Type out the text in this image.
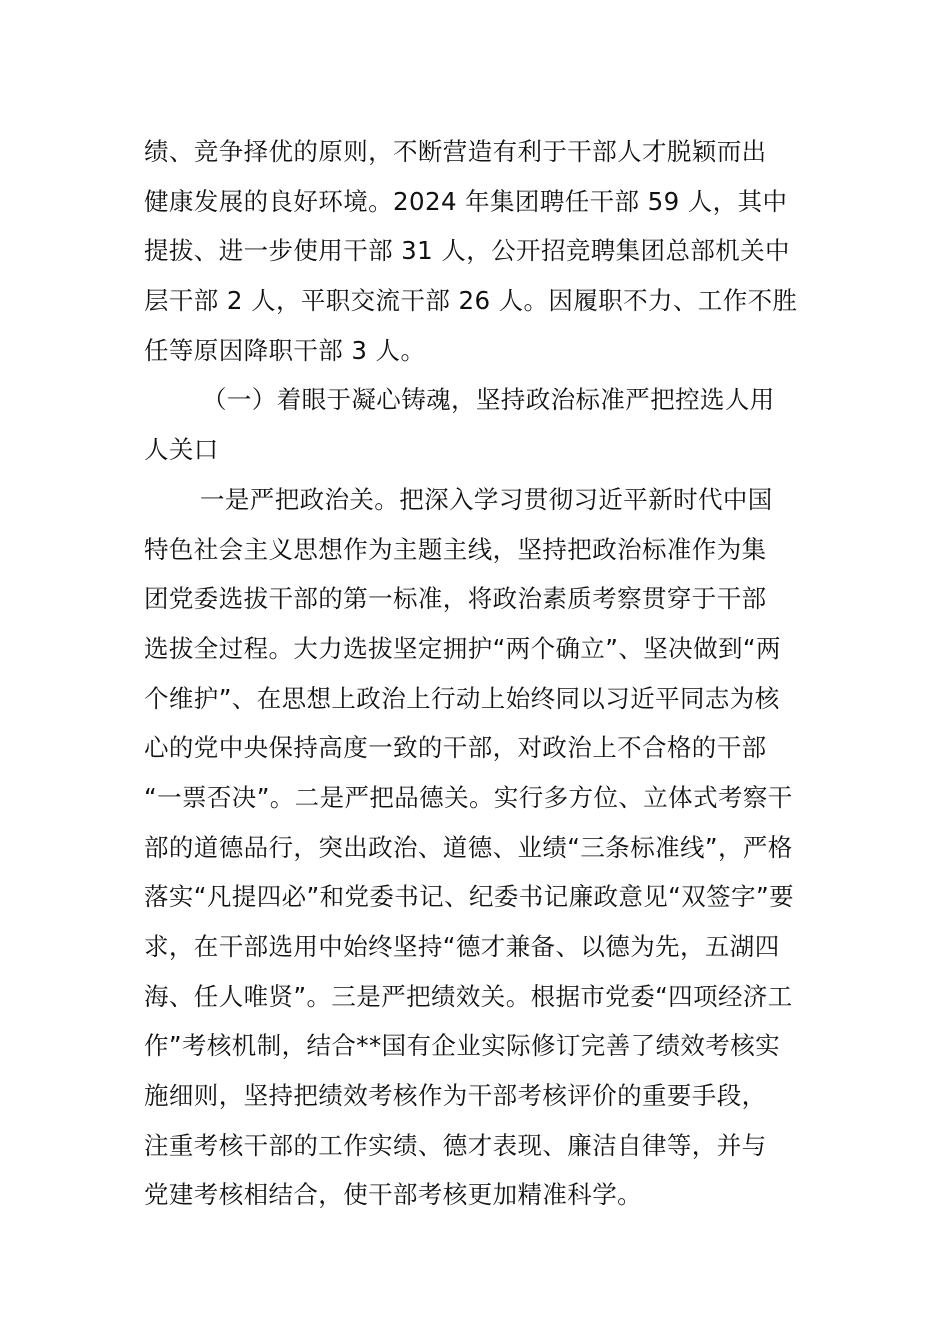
绩、竞争择优的原则，不断营造有利于干部人才脱颖而出
健康发展的良好环境。2024 年集团聘任干部 59 人，其中
提拔、进一步使用干部 31 人，公开招竞聘集团总部机关中
层干部 2 人，平职交流干部 26 人。因履职不力、工作不胜
任等原因降职干部 3 人。
（一）着眼于凝心铸魂，坚持政治标准严把控选人用
人关口
一是严把政治关。把深入学习贯彻习近平新时代中国
特色社会主义思想作为主题主线，坚持把政治标准作为集
团党委选拔干部的第一标准，将政治素质考察贯穿于干部
选拔全过程。大力选拔坚定拥护“两个确立”、坚决做到“两
个维护”、在思想上政治上行动上始终同以习近平同志为核
心的党中央保持高度一致的干部，对政治上不合格的干部
“一票否决”。二是严把品德关。实行多方位、立体式考察干
部的道德品行，突出政治、道德、业绩“三条标准线”，严格
落实“凡提四必”和党委书记、纪委书记廉政意见“双签字”要
求，在干部选用中始终坚持“德才兼备、以德为先，五湖四
海、任人唯贤”。三是严把绩效关。根据市党委“四项经济工
作”考核机制，结合**国有企业实际修订完善了绩效考核实
施细则，坚持把绩效考核作为干部考核评价的重要手段，
注重考核干部的工作实绩、德才表现、廉洁自律等，并与
党建考核相结合，使干部考核更加精准科学。
